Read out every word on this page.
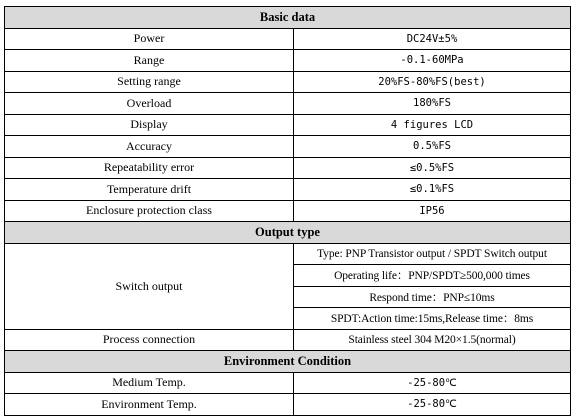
Basic data	
Power	DC24V±5%
Range	-0.1-60MPa
Setting range	20%FS-80%FS(best)
Overload	180%FS
Display	4 figures LCD
Accuracy	0.5%FS
Repeatability error	≤0.5%FS
Temperature drift	≤0.1%FS
Enclosure protection class	IP56
Output type	
Switch output	Type: PNP Transistor output / SPDT Switch output
	Operating life：PNP/SPDT≥500,000 times
	Respond time：PNP≤10ms
	SPDT:Action time:15ms,Release time：8ms
Process connection	Stainless steel 304 M20×1.5(normal)
Environment Condition	
Medium Temp.	-25-80℃
Environment Temp.	-25-80℃
